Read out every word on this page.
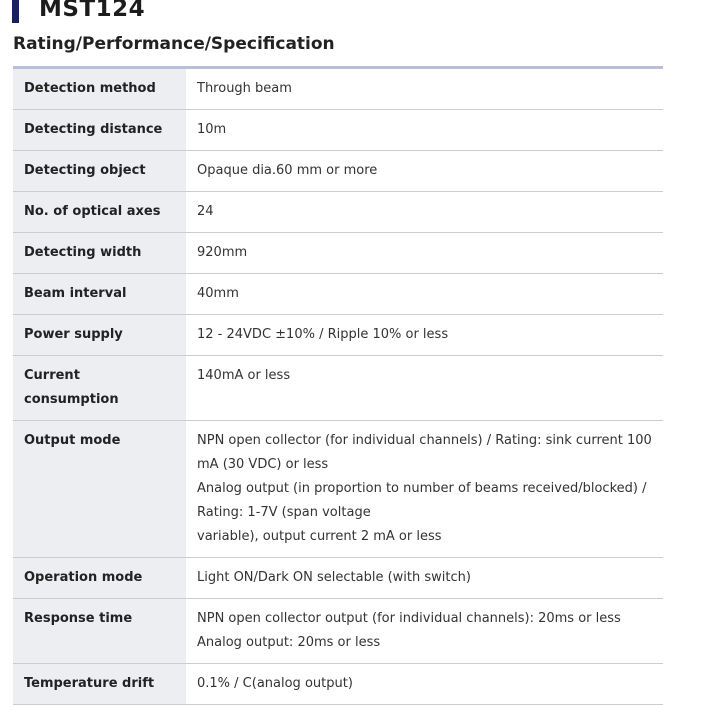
MST124
Rating/Performance/Specification
Detection method	Through beam

Detecting distance	10m

Detecting object	Opaque dia.60 mm or more

No. of optical axes	24

Detecting width	920mm

Beam interval	40mm

Power supply	12 - 24VDC ±10% / Ripple 10% or less

Current consumption	140mA or less

Output mode	NPN open collector (for individual channels) / Rating: sink current 100 mA (30 VDC) or less
Analog output (in proportion to number of beams received/blocked) / Rating: 1-7V (span voltage
variable), output current 2 mA or less

Operation mode	Light ON/Dark ON selectable (with switch)

Response time	NPN open collector output (for individual channels): 20ms or less
Analog output: 20ms or less

Temperature drift	0.1% / C(analog output)
